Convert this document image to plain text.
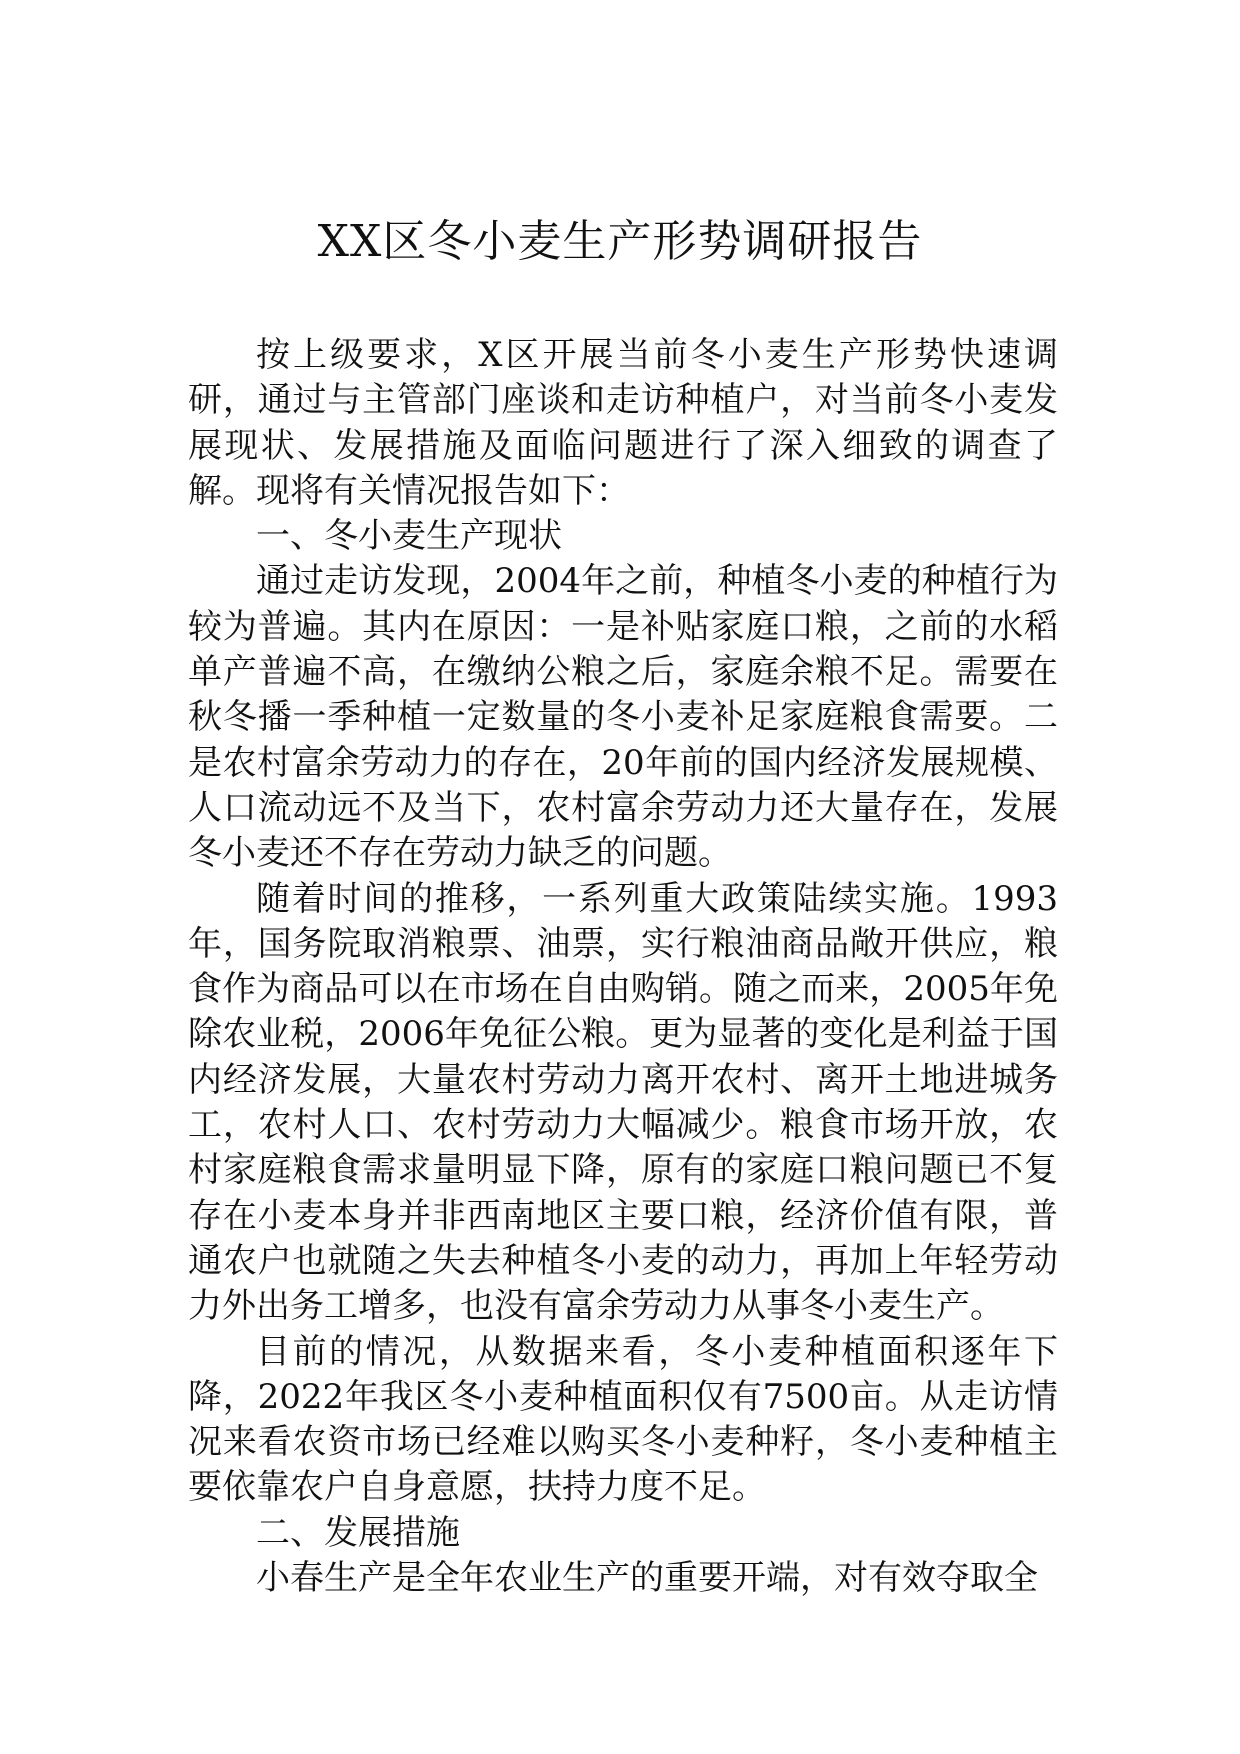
XX区冬小麦生产形势调研报告

按上级要求，X区开展当前冬小麦生产形势快速调研，通过与主管部门座谈和走访种植户，对当前冬小麦发展现状、发展措施及面临问题进行了深入细致的调查了解。现将有关情况报告如下：

一、冬小麦生产现状

通过走访发现，2004年之前，种植冬小麦的种植行为较为普遍。其内在原因：一是补贴家庭口粮，之前的水稻单产普遍不高，在缴纳公粮之后，家庭余粮不足。需要在秋冬播一季种植一定数量的冬小麦补足家庭粮食需要。二是农村富余劳动力的存在，20年前的国内经济发展规模、人口流动远不及当下，农村富余劳动力还大量存在，发展冬小麦还不存在劳动力缺乏的问题。

随着时间的推移，一系列重大政策陆续实施。1993年，国务院取消粮票、油票，实行粮油商品敞开供应，粮食作为商品可以在市场在自由购销。随之而来，2005年免除农业税，2006年免征公粮。更为显著的变化是利益于国内经济发展，大量农村劳动力离开农村、离开土地进城务工，农村人口、农村劳动力大幅减少。粮食市场开放，农村家庭粮食需求量明显下降，原有的家庭口粮问题已不复存在小麦本身并非西南地区主要口粮，经济价值有限，普通农户也就随之失去种植冬小麦的动力，再加上年轻劳动力外出务工增多，也没有富余劳动力从事冬小麦生产。

目前的情况，从数据来看，冬小麦种植面积逐年下降，2022年我区冬小麦种植面积仅有7500亩。从走访情况来看农资市场已经难以购买冬小麦种籽，冬小麦种植主要依靠农户自身意愿，扶持力度不足。

二、发展措施

小春生产是全年农业生产的重要开端，对有效夺取全
